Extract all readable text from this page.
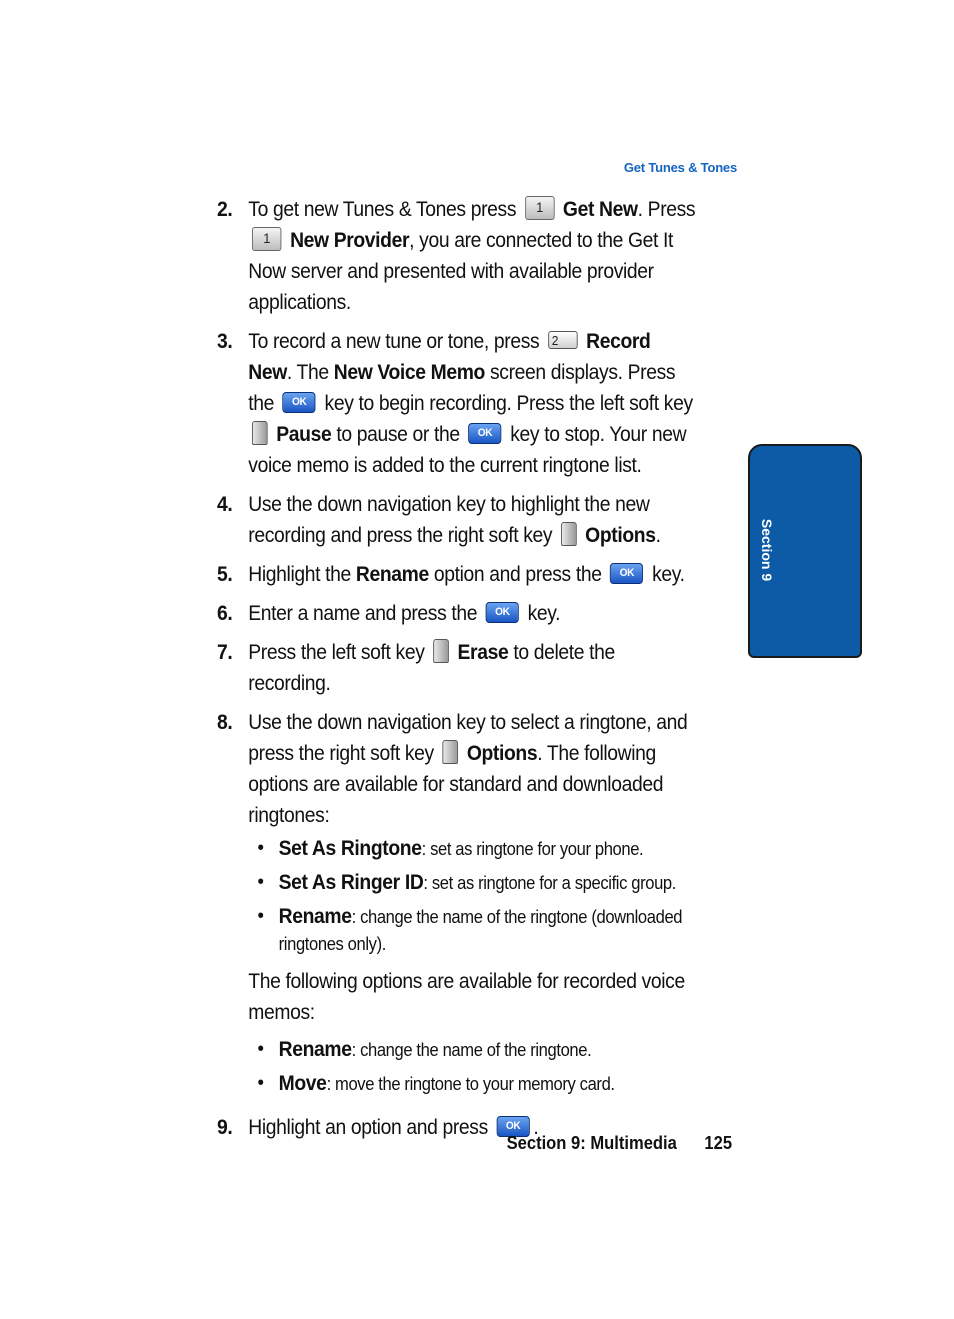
Get Tunes & Tones
Section 9
2. To get new Tunes & Tones press 1 Get New. Press 1 New Provider, you are connected to the Get It Now server and presented with available provider applications.
3. To record a new tune or tone, press 2 Record New. The New Voice Memo screen displays. Press the OK key to begin recording. Press the left soft key  Pause to pause or the OK key to stop. Your new voice memo is added to the current ringtone list.
4. Use the down navigation key to highlight the new recording and press the right soft key Options.
5. Highlight the Rename option and press the OK key.
6. Enter a name and press the OK key.
7. Press the left soft key Erase to delete the recording.
8. Use the down navigation key to select a ringtone, and press the right soft key Options. The following options are available for standard and downloaded ringtones:
• Set As Ringtone: set as ringtone for your phone.
• Set As Ringer ID: set as ringtone for a specific group.
• Rename: change the name of the ringtone (downloaded ringtones only).
The following options are available for recorded voice memos:
• Rename: change the name of the ringtone.
• Move: move the ringtone to your memory card.
9. Highlight an option and press OK .
Section 9: Multimedia 125
